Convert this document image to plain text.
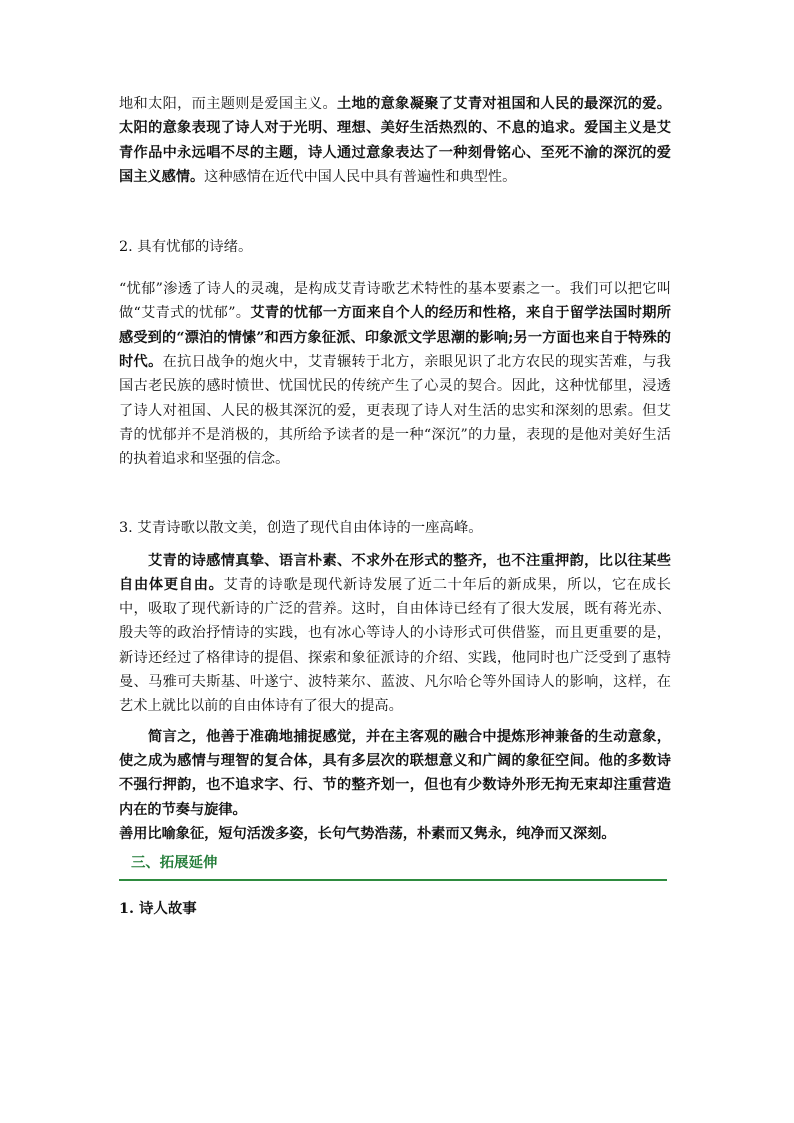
地和太阳，而主题则是爱国主义。土地的意象凝聚了艾青对祖国和人民的最深沉的爱。太阳的意象表现了诗人对于光明、理想、美好生活热烈的、不息的追求。爱国主义是艾青作品中永远唱不尽的主题，诗人通过意象表达了一种刻骨铭心、至死不渝的深沉的爱国主义感情。这种感情在近代中国人民中具有普遍性和典型性。

2. 具有忧郁的诗绪。

“忧郁”渗透了诗人的灵魂，是构成艾青诗歌艺术特性的基本要素之一。我们可以把它叫做“艾青式的忧郁”。艾青的忧郁一方面来自个人的经历和性格，来自于留学法国时期所感受到的“漂泊的情愫”和西方象征派、印象派文学思潮的影响;另一方面也来自于特殊的时代。在抗日战争的炮火中，艾青辗转于北方，亲眼见识了北方农民的现实苦难，与我国古老民族的感时愤世、忧国忧民的传统产生了心灵的契合。因此，这种忧郁里，浸透了诗人对祖国、人民的极其深沉的爱，更表现了诗人对生活的忠实和深刻的思索。但艾青的忧郁并不是消极的，其所给予读者的是一种“深沉”的力量，表现的是他对美好生活的执着追求和坚强的信念。

3. 艾青诗歌以散文美，创造了现代自由体诗的一座高峰。

艾青的诗感情真挚、语言朴素、不求外在形式的整齐，也不注重押韵，比以往某些自由体更自由。艾青的诗歌是现代新诗发展了近二十年后的新成果，所以，它在成长中，吸取了现代新诗的广泛的营养。这时，自由体诗已经有了很大发展，既有蒋光赤、殷夫等的政治抒情诗的实践，也有冰心等诗人的小诗形式可供借鉴，而且更重要的是，新诗还经过了格律诗的提倡、探索和象征派诗的介绍、实践，他同时也广泛受到了惠特曼、马雅可夫斯基、叶遂宁、波特莱尔、蓝波、凡尔哈仑等外国诗人的影响，这样，在艺术上就比以前的自由体诗有了很大的提高。

简言之，他善于准确地捕捉感觉，并在主客观的融合中提炼形神兼备的生动意象，使之成为感情与理智的复合体，具有多层次的联想意义和广阔的象征空间。他的多数诗不强行押韵，也不追求字、行、节的整齐划一，但也有少数诗外形无拘无束却注重营造内在的节奏与旋律。

善用比喻象征，短句活泼多姿，长句气势浩荡，朴素而又隽永，纯净而又深刻。

三、拓展延伸

1. 诗人故事
